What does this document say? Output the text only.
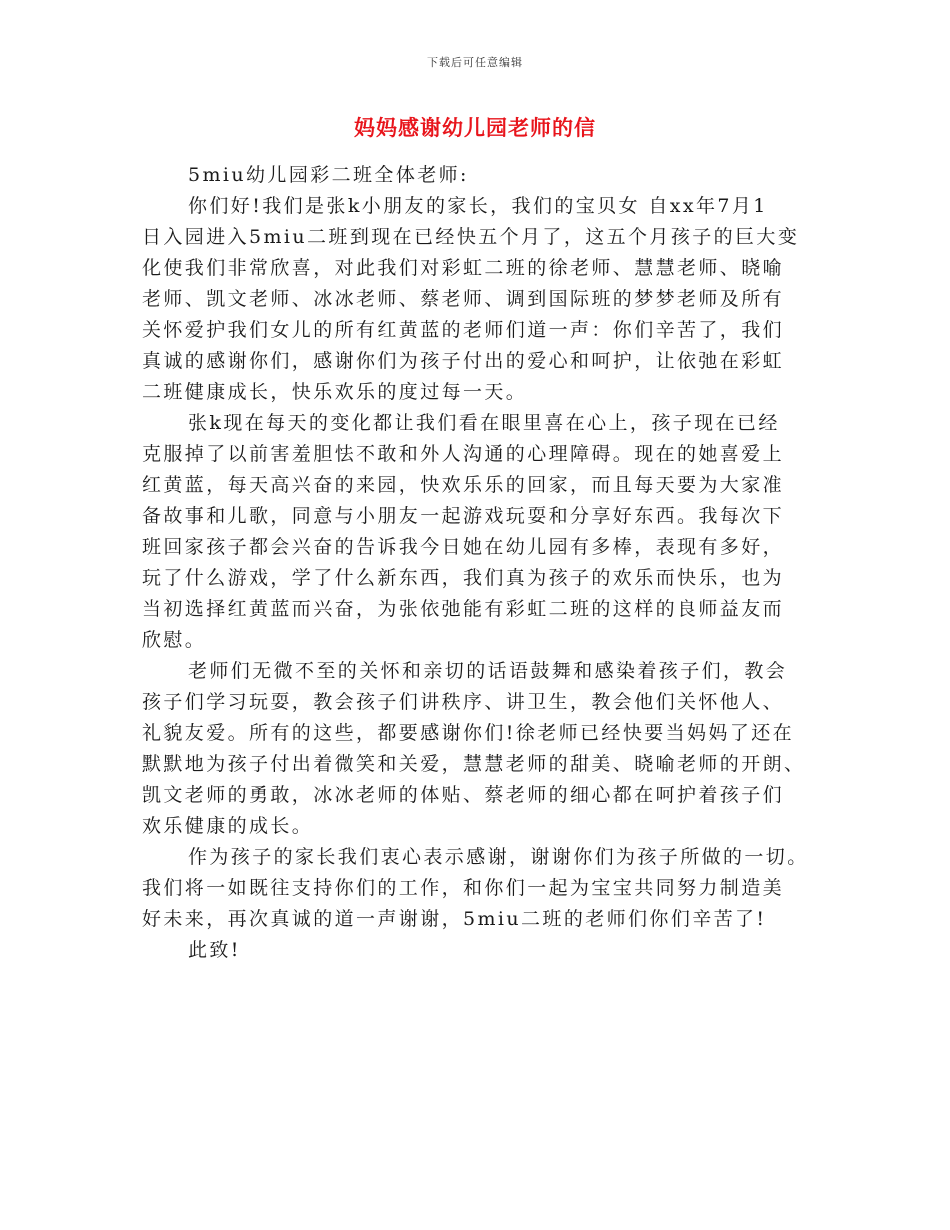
下载后可任意编辑
妈妈感谢幼儿园老师的信
5miu幼儿园彩二班全体老师:
你们好!我们是张k小朋友的家长，我们的宝贝女 自xx年7月1
日入园进入5miu二班到现在已经快五个月了，这五个月孩子的巨大变
化使我们非常欣喜，对此我们对彩虹二班的徐老师、慧慧老师、晓喻
老师、凯文老师、冰冰老师、蔡老师、调到国际班的梦梦老师及所有
关怀爱护我们女儿的所有红黄蓝的老师们道一声：你们辛苦了，我们
真诚的感谢你们，感谢你们为孩子付出的爱心和呵护，让依弛在彩虹
二班健康成长，快乐欢乐的度过每一天。
张k现在每天的变化都让我们看在眼里喜在心上，孩子现在已经
克服掉了以前害羞胆怯不敢和外人沟通的心理障碍。现在的她喜爱上
红黄蓝，每天高兴奋的来园，快欢乐乐的回家，而且每天要为大家准
备故事和儿歌，同意与小朋友一起游戏玩耍和分享好东西。我每次下
班回家孩子都会兴奋的告诉我今日她在幼儿园有多棒，表现有多好，
玩了什么游戏，学了什么新东西，我们真为孩子的欢乐而快乐，也为
当初选择红黄蓝而兴奋，为张依弛能有彩虹二班的这样的良师益友而
欣慰。
老师们无微不至的关怀和亲切的话语鼓舞和感染着孩子们，教会
孩子们学习玩耍，教会孩子们讲秩序、讲卫生，教会他们关怀他人、
礼貌友爱。所有的这些，都要感谢你们!徐老师已经快要当妈妈了还在
默默地为孩子付出着微笑和关爱，慧慧老师的甜美、晓喻老师的开朗、
凯文老师的勇敢，冰冰老师的体贴、蔡老师的细心都在呵护着孩子们
欢乐健康的成长。
作为孩子的家长我们衷心表示感谢，谢谢你们为孩子所做的一切。
我们将一如既往支持你们的工作，和你们一起为宝宝共同努力制造美
好未来，再次真诚的道一声谢谢，5miu二班的老师们你们辛苦了!
此致!
